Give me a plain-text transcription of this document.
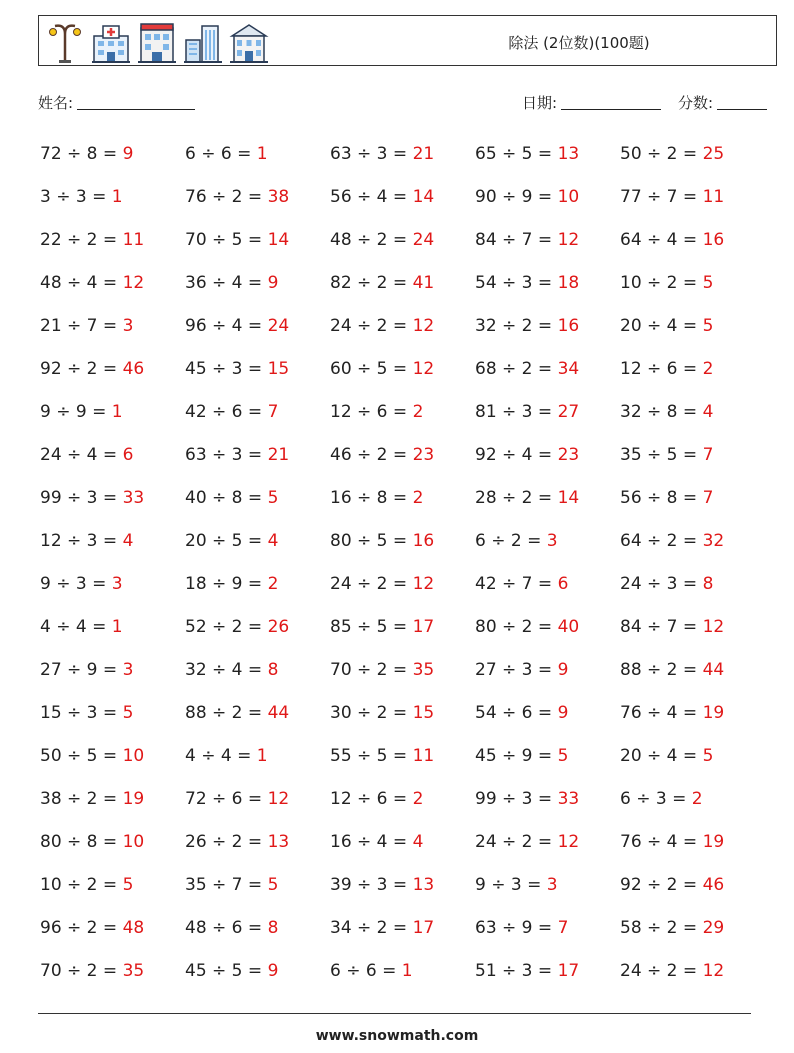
除法 (2位数)(100题)
姓名:	日期:	分数:
72 ÷ 8 = 9	6 ÷ 6 = 1	63 ÷ 3 = 21	65 ÷ 5 = 13	50 ÷ 2 = 25
3 ÷ 3 = 1	76 ÷ 2 = 38	56 ÷ 4 = 14	90 ÷ 9 = 10	77 ÷ 7 = 11
22 ÷ 2 = 11	70 ÷ 5 = 14	48 ÷ 2 = 24	84 ÷ 7 = 12	64 ÷ 4 = 16
48 ÷ 4 = 12	36 ÷ 4 = 9	82 ÷ 2 = 41	54 ÷ 3 = 18	10 ÷ 2 = 5
21 ÷ 7 = 3	96 ÷ 4 = 24	24 ÷ 2 = 12	32 ÷ 2 = 16	20 ÷ 4 = 5
92 ÷ 2 = 46	45 ÷ 3 = 15	60 ÷ 5 = 12	68 ÷ 2 = 34	12 ÷ 6 = 2
9 ÷ 9 = 1	42 ÷ 6 = 7	12 ÷ 6 = 2	81 ÷ 3 = 27	32 ÷ 8 = 4
24 ÷ 4 = 6	63 ÷ 3 = 21	46 ÷ 2 = 23	92 ÷ 4 = 23	35 ÷ 5 = 7
99 ÷ 3 = 33	40 ÷ 8 = 5	16 ÷ 8 = 2	28 ÷ 2 = 14	56 ÷ 8 = 7
12 ÷ 3 = 4	20 ÷ 5 = 4	80 ÷ 5 = 16	6 ÷ 2 = 3	64 ÷ 2 = 32
9 ÷ 3 = 3	18 ÷ 9 = 2	24 ÷ 2 = 12	42 ÷ 7 = 6	24 ÷ 3 = 8
4 ÷ 4 = 1	52 ÷ 2 = 26	85 ÷ 5 = 17	80 ÷ 2 = 40	84 ÷ 7 = 12
27 ÷ 9 = 3	32 ÷ 4 = 8	70 ÷ 2 = 35	27 ÷ 3 = 9	88 ÷ 2 = 44
15 ÷ 3 = 5	88 ÷ 2 = 44	30 ÷ 2 = 15	54 ÷ 6 = 9	76 ÷ 4 = 19
50 ÷ 5 = 10	4 ÷ 4 = 1	55 ÷ 5 = 11	45 ÷ 9 = 5	20 ÷ 4 = 5
38 ÷ 2 = 19	72 ÷ 6 = 12	12 ÷ 6 = 2	99 ÷ 3 = 33	6 ÷ 3 = 2
80 ÷ 8 = 10	26 ÷ 2 = 13	16 ÷ 4 = 4	24 ÷ 2 = 12	76 ÷ 4 = 19
10 ÷ 2 = 5	35 ÷ 7 = 5	39 ÷ 3 = 13	9 ÷ 3 = 3	92 ÷ 2 = 46
96 ÷ 2 = 48	48 ÷ 6 = 8	34 ÷ 2 = 17	63 ÷ 9 = 7	58 ÷ 2 = 29
70 ÷ 2 = 35	45 ÷ 5 = 9	6 ÷ 6 = 1	51 ÷ 3 = 17	24 ÷ 2 = 12
www.snowmath.com
